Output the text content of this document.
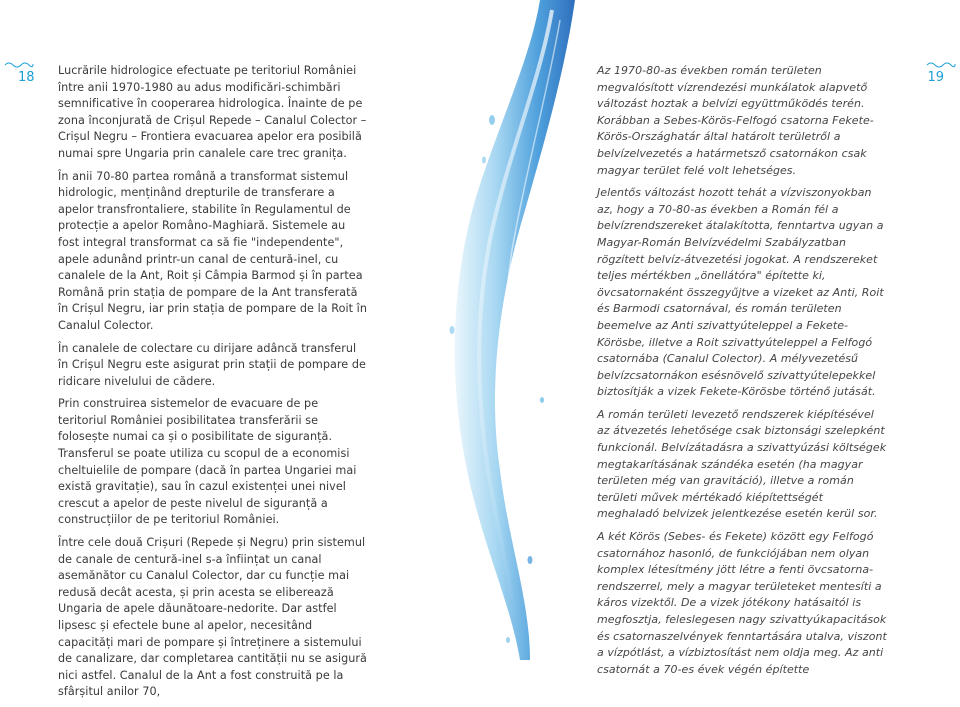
18 Lucrările hidrologice efectuate pe teritoriul României între anii 1970-1980 au adus modificări-schimbări semnificative în cooperarea hidrologica. Înainte de pe zona înconjurată de Crișul Repede – Canalul Colector – Crișul Negru – Frontiera evacuarea apelor era posibilă numai spre Ungaria prin canalele care trec granița.

În anii 70-80 partea română a transformat sistemul hidrologic, menținând drepturile de transferare a apelor transfrontaliere, stabilite în Regulamentul de protecție a apelor Româno-Maghiară. Sistemele au fost integral transformat ca să fie "independente", apele adunând printr-un canal de centură-inel, cu canalele de la Ant, Roit și Câmpia Barmod și în partea Română prin stația de pompare de la Ant transferată în Crișul Negru, iar prin stația de pompare de la Roit în Canalul Colector.

În canalele de colectare cu dirijare adâncă transferul în Crișul Negru este asigurat prin stații de pompare de ridicare nivelului de cădere.

Prin construirea sistemelor de evacuare de pe teritoriul României posibilitatea transferării se folosește numai ca și o posibilitate de siguranță. Transferul se poate utiliza cu scopul de a economisi cheltuielile de pompare (dacă în partea Ungariei mai există gravitație), sau în cazul existenței unei nivel crescut a apelor de peste nivelul de siguranță a construcțiilor de pe teritoriul României.

Între cele două Crișuri (Repede și Negru) prin sistemul de canale de centură-inel s-a înființat un canal asemănător cu Canalul Colector, dar cu funcție mai redusă decât acesta, și prin acesta se eliberează Ungaria de apele dăunătoare-nedorite. Dar astfel lipsesc și efectele bune al apelor, necesitând capacități mari de pompare și întreținere a sistemului de canalizare, dar completarea cantității nu se asigură nici astfel. Canalul de la Ant a fost construită pe la sfârșitul anilor 70,

19

Az 1970-80-as években román területen megvalósított vízrendezési munkálatok alapvető változást hoztak a belvízi együttműködés terén. Korábban a Sebes-Körös-Felfogó csatorna Fekete-Körös-Országhatár által határolt területről a belvízelvezetés a határmetsző csatornákon csak magyar terület felé volt lehetséges.

Jelentős változást hozott tehát a vízviszonyokban az, hogy a 70-80-as években a Román fél a belvízrendszereket átalakította, fenntartva ugyan a Magyar-Román Belvízvédelmi Szabályzatban rögzített belvíz-átvezetési jogokat. A rendszereket teljes mértékben „önellátóra" építette ki, övcsatornaként összegyűjtve a vizeket az Anti, Roit és Barmodi csatornával, és román területen beemelve az Anti szivattyútelеppel a Fekete-Körösbe, illetve a Roit szivattyútelеppel a Felfogó csatornába (Canalul Colector). A mélyvezetésű belvízcsatornákon esésnövelő szivattyútelepekkel biztosítják a vizek Fekete-Körösbe történő jutását.

A román területi levezető rendszerek kiépítésével az átvezetés lehetősége csak biztonsági szelepként funkcionál. Belvízátadásra a szivattyúzási költségek megtakarításának szándéka esetén (ha magyar területen még van gravitáció), illetve a román területi művek mértékadó kiépítettségét meghaladó belvizek jelentkezése esetén kerül sor.

A két Körös (Sebes- és Fekete) között egy Felfogó csatornához hasonló, de funkciójában nem olyan komplex létesítmény jött létre a fenti övcsatorna-rendszerrel, mely a magyar területeket mentesíti a káros vizektől. De a vizek jótékony hatásaitól is megfosztja, feleslegesen nagy szivattyúkapacitások és csatornaszelvények fenntartására utalva, viszont a vízpótlást, a vízbiztosítást nem oldja meg. Az anti csatornát a 70-es évek végén építette
